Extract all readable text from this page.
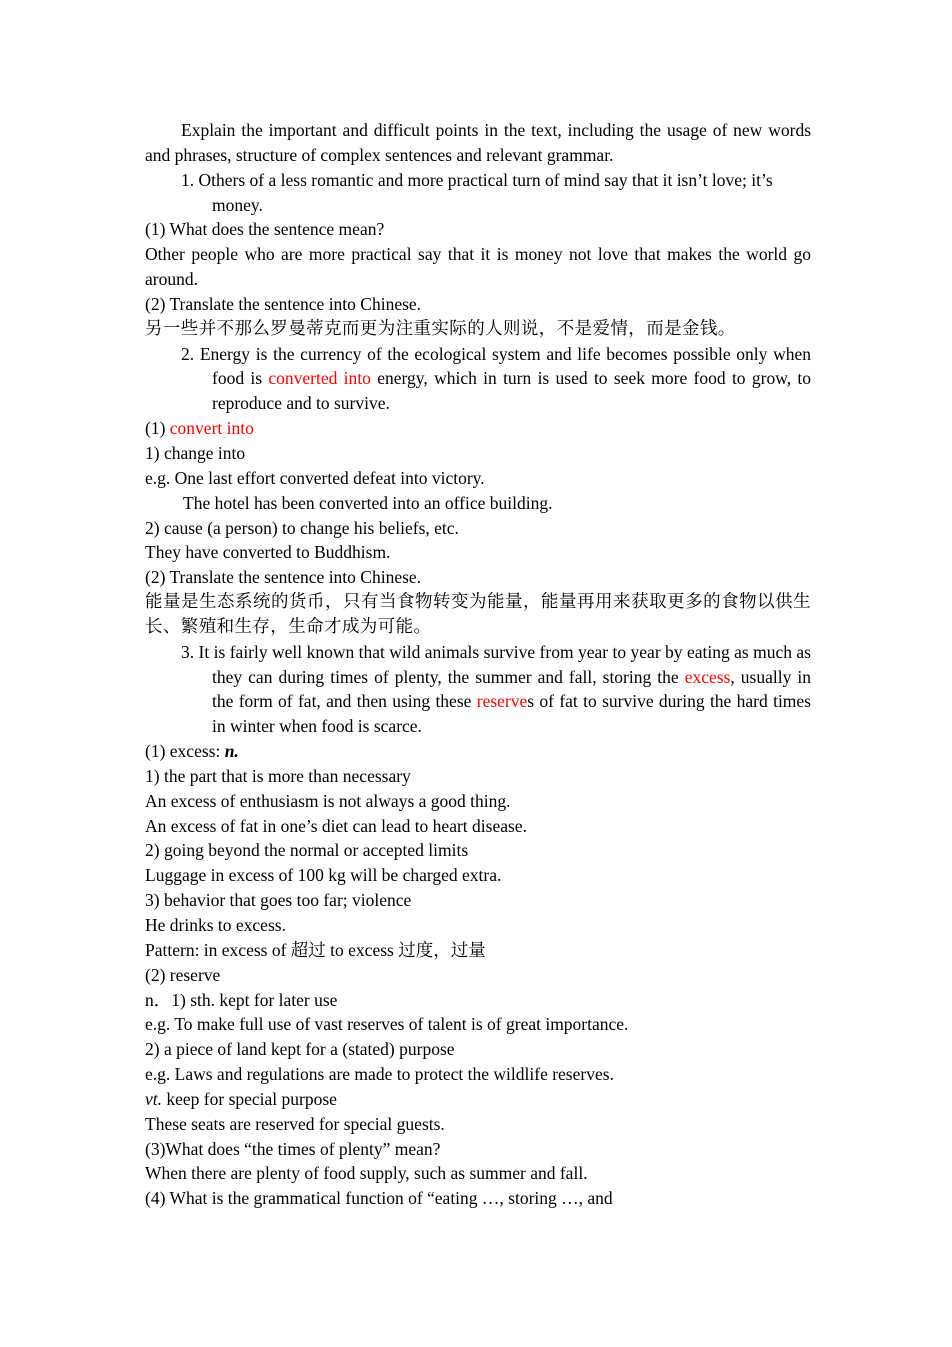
Explain the important and difficult points in the text, including the usage of new words and phrases, structure of complex sentences and relevant grammar.

1. Others of a less romantic and more practical turn of mind say that it isn’t love; it’s money.

(1) What does the sentence mean?

Other people who are more practical say that it is money not love that makes the world go around.

(2) Translate the sentence into Chinese.

另一些并不那么罗曼蒂克而更为注重实际的人则说，不是爱情，而是金钱。

2. Energy is the currency of the ecological system and life becomes possible only when food is converted into energy, which in turn is used to seek more food to grow, to reproduce and to survive.

(1) convert into

1) change into

e.g. One last effort converted defeat into victory.

The hotel has been converted into an office building.

2) cause (a person) to change his beliefs, etc.

They have converted to Buddhism.

(2) Translate the sentence into Chinese.

能量是生态系统的货币，只有当食物转变为能量，能量再用来获取更多的食物以供生长、繁殖和生存，生命才成为可能。

3. It is fairly well known that wild animals survive from year to year by eating as much as they can during times of plenty, the summer and fall, storing the excess, usually in the form of fat, and then using these reserves of fat to survive during the hard times in winter when food is scarce.

(1) excess: n.

1) the part that is more than necessary

An excess of enthusiasm is not always a good thing.

An excess of fat in one’s diet can lead to heart disease.

2) going beyond the normal or accepted limits

Luggage in excess of 100 kg will be charged extra.

3) behavior that goes too far; violence

He drinks to excess.

Pattern: in excess of 超过 to excess 过度，过量

(2) reserve

n．1) sth. kept for later use

e.g. To make full use of vast reserves of talent is of great importance.

2) a piece of land kept for a (stated) purpose

e.g. Laws and regulations are made to protect the wildlife reserves.

vt. keep for special purpose

These seats are reserved for special guests.

(3)What does “the times of plenty” mean?

When there are plenty of food supply, such as summer and fall.

(4) What is the grammatical function of “eating …, storing …, and
